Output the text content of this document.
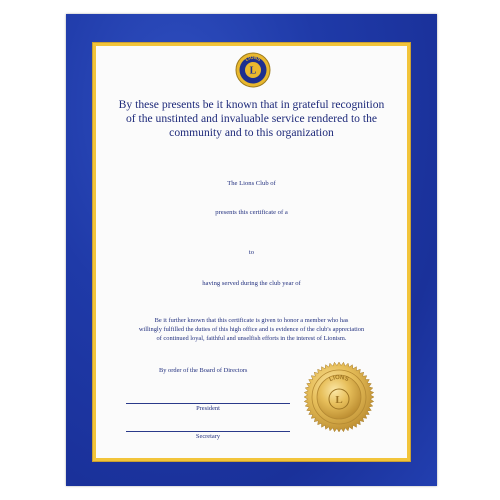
L
LIONS
By these presents be it known that in grateful recognition
of the unstinted and invaluable service rendered to the
community and to this organization
The Lions Club of
presents this certificate of a
to
having served during the club year of
Be it further known that this certificate is given to honor a member who has
willingly fulfilled the duties of this high office and is evidence of the club's appreciation
of continued loyal, faithful and unselfish efforts in the interest of Lionism.
By order of the Board of Directors
President
Secretary
L
LIONS
